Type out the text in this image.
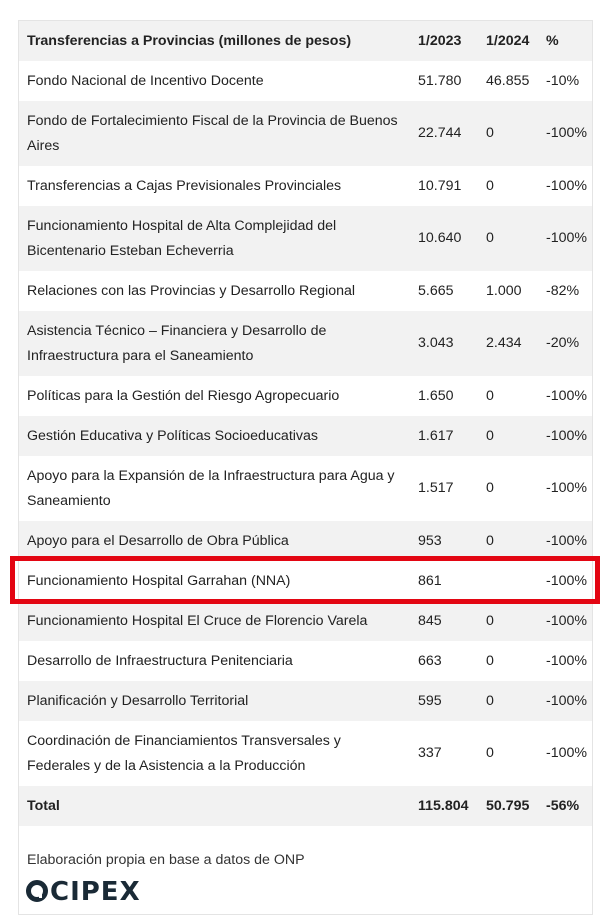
Transferencias a Provincias (millones de pesos)	1/2023	1/2024	%
Fondo Nacional de Incentivo Docente	51.780	46.855	-10%
Fondo de Fortalecimiento Fiscal de la Provincia de Buenos Aires	22.744	0	-100%
Transferencias a Cajas Previsionales Provinciales	10.791	0	-100%
Funcionamiento Hospital de Alta Complejidad del Bicentenario Esteban Echeverria	10.640	0	-100%
Relaciones con las Provincias y Desarrollo Regional	5.665	1.000	-82%
Asistencia Técnico – Financiera y Desarrollo de Infraestructura para el Saneamiento	3.043	2.434	-20%
Políticas para la Gestión del Riesgo Agropecuario	1.650	0	-100%
Gestión Educativa y Políticas Socioeducativas	1.617	0	-100%
Apoyo para la Expansión de la Infraestructura para Agua y Saneamiento	1.517	0	-100%
Apoyo para el Desarrollo de Obra Pública	953	0	-100%
Funcionamiento Hospital Garrahan (NNA)	861		-100%
Funcionamiento Hospital El Cruce de Florencio Varela	845	0	-100%
Desarrollo de Infraestructura Penitenciaria	663	0	-100%
Planificación y Desarrollo Territorial	595	0	-100%
Coordinación de Financiamientos Transversales y Federales y de la Asistencia a la Producción	337	0	-100%
Total	115.804	50.795	-56%
Elaboración propia en base a datos de ONP
CIPEX
